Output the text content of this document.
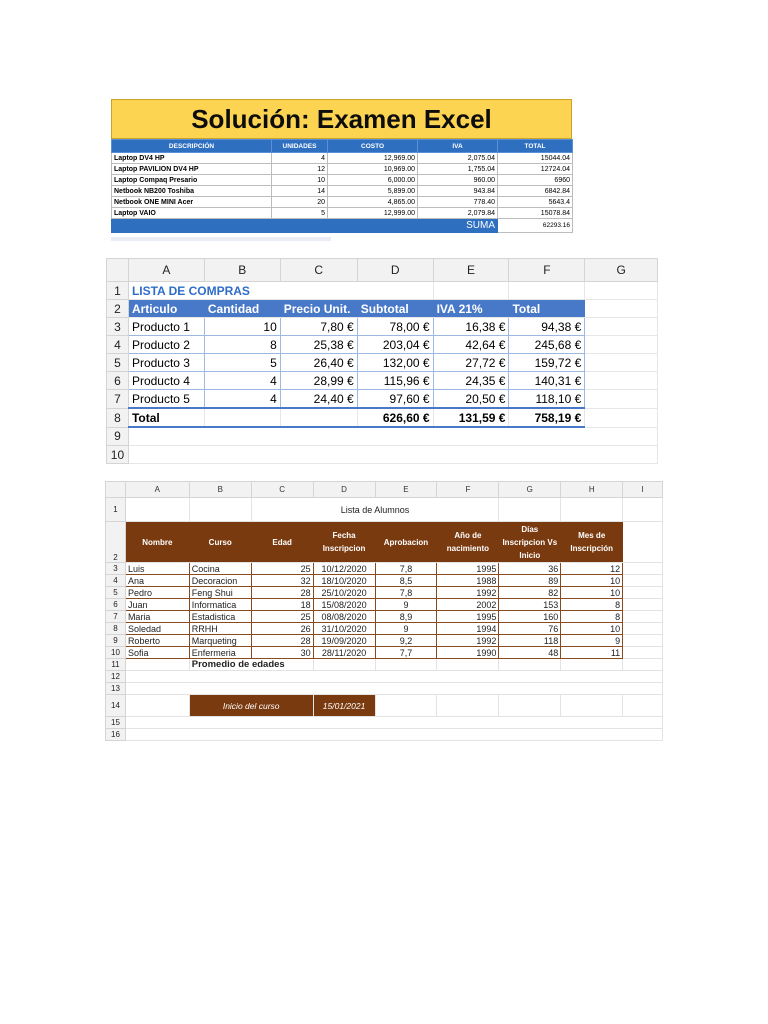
Solución: Examen Excel
DESCRIPCIÓN	UNIDADES	COSTO	IVA	TOTAL
Laptop DV4 HP	4	12,969.00	2,075.04	15044.04
Laptop PAVILION DV4 HP	12	10,969.00	1,755.04	12724.04
Laptop Compaq Presario	10	6,000.00	960.00	6960
Netbook NB200 Toshiba	14	5,899.00	943.84	6842.84
Netbook ONE MINI Acer	20	4,865.00	778.40	5643.4
Laptop VAIO	5	12,999.00	2,079.84	15078.84
			SUMA	62293.16
	A	B	C	D	E	F	G
1	LISTA DE COMPRAS						
2	Articulo	Cantidad	Precio Unit.	Subtotal	IVA 21%	Total	
3	Producto 1	10	7,80 €	78,00 €	16,38 €	94,38 €	
4	Producto 2	8	25,38 €	203,04 €	42,64 €	245,68 €	
5	Producto 3	5	26,40 €	132,00 €	27,72 €	159,72 €	
6	Producto 4	4	28,99 €	115,96 €	24,35 €	140,31 €	
7	Producto 5	4	24,40 €	97,60 €	20,50 €	118,10 €	
8	Total			626,60 €	131,59 €	758,19 €	
9							
10							
	A	B	C	D	E	F	G	H	I
1			Lista de Alumnos						
2	Nombre	Curso	Edad	Fecha Inscripcion	Aprobacion	Año de nacimiento	Días Inscripcion Vs Inicio	Mes de Inscripción	
3	Luis	Cocina	25	10/12/2020	7,8	1995	36	12	
4	Ana	Decoracion	32	18/10/2020	8,5	1988	89	10	
5	Pedro	Feng Shui	28	25/10/2020	7,8	1992	82	10	
6	Juan	Informatica	18	15/08/2020	9	2002	153	8	
7	Maria	Estadistica	25	08/08/2020	8,9	1995	160	8	
8	Soledad	RRHH	26	31/10/2020	9	1994	76	10	
9	Roberto	Marqueting	28	19/09/2020	9,2	1992	118	9	
10	Sofia	Enfermeria	30	28/11/2020	7,7	1990	48	11	
11		Promedio de edades							
12									
13									
14		Inicio del curso		15/01/2021					
15									
16									
